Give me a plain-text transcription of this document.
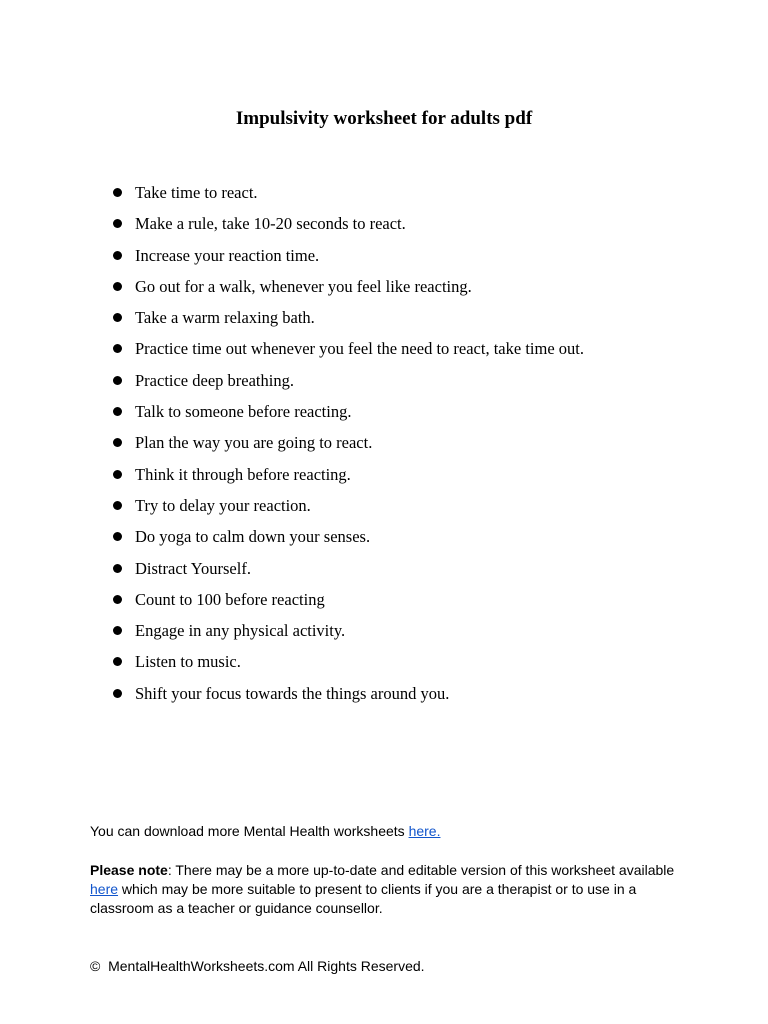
Impulsivity worksheet for adults pdf
Take time to react.
Make a rule, take 10-20 seconds to react.
Increase your reaction time.
Go out for a walk, whenever you feel like reacting.
Take a warm relaxing bath.
Practice time out whenever you feel the need to react, take time out.
Practice deep breathing.
Talk to someone before reacting.
Plan the way you are going to react.
Think it through before reacting.
Try to delay your reaction.
Do yoga to calm down your senses.
Distract Yourself.
Count to 100 before reacting
Engage in any physical activity.
Listen to music.
Shift your focus towards the things around you.
You can download more Mental Health worksheets here.
Please note: There may be a more up-to-date and editable version of this worksheet available here which may be more suitable to present to clients if you are a therapist or to use in a classroom as a teacher or guidance counsellor.
© MentalHealthWorksheets.com All Rights Reserved.
